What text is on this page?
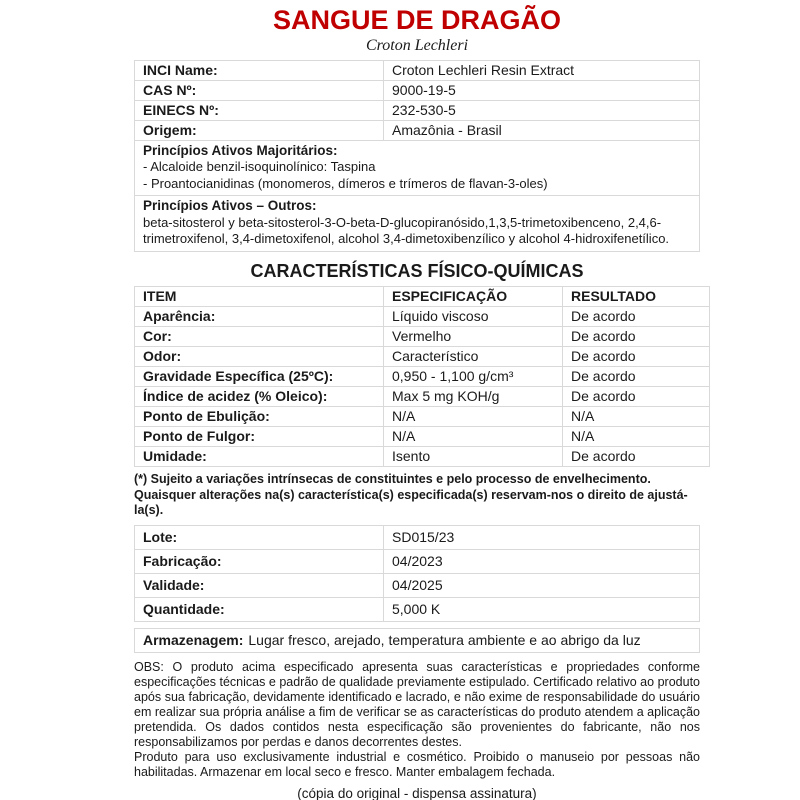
SANGUE DE DRAGÃO
Croton Lechleri
INCI Name:	Croton Lechleri Resin Extract
CAS Nº:	9000-19-5
EINECS Nº:	232-530-5
Origem:	Amazônia - Brasil

Princípios Ativos Majoritários:
- Alcaloide benzil-isoquinolínico: Taspina
- Proantocianidinas (monomeros, dímeros e trímeros de flavan-3-oles)	

Princípios Ativos – Outros:
beta-sitosterol y beta-sitosterol-3-O-beta-D-glucopiranósido,1,3,5-trimetoxibenceno, 2,4,6-trimetroxifenol, 3,4-dimetoxifenol, alcohol 3,4-dimetoxibenzílico y alcohol 4-hidroxifenetílico.	
CARACTERÍSTICAS FÍSICO-QUÍMICAS
ITEM	ESPECIFICAÇÃO	RESULTADO
Aparência:	Líquido viscoso	De acordo
Cor:	Vermelho	De acordo
Odor:	Característico	De acordo
Gravidade Específica (25ºC):	0,950 - 1,100 g/cm³	De acordo
Índice de acidez (% Oleico):	Max 5 mg KOH/g	De acordo
Ponto de Ebulição:	N/A	N/A
Ponto de Fulgor:	N/A	N/A
Umidade:	Isento	De acordo

(*) Sujeito a variações intrínsecas de constituintes e pelo processo de envelhecimento. Quaisquer alterações na(s) característica(s) especificada(s) reservam-nos o direito de ajustá-la(s).

Lote:	SD015/23
Fabricação:	04/2023
Validade:	04/2025
Quantidade:	5,000 K
Armazenagem: Lugar fresco, arejado, temperatura ambiente e ao abrigo da luz

OBS: O produto acima especificado apresenta suas características e propriedades conforme especificações técnicas e padrão de qualidade previamente estipulado. Certificado relativo ao produto após sua fabricação, devidamente identificado e lacrado, e não exime de responsabilidade do usuário em realizar sua própria análise a fim de verificar se as características do produto atendem a aplicação pretendida. Os dados contidos nesta especificação são provenientes do fabricante, não nos responsabilizamos por perdas e danos decorrentes destes.

Produto para uso exclusivamente industrial e cosmético. Proibido o manuseio por pessoas não habilitadas. Armazenar em local seco e fresco. Manter embalagem fechada.

(cópia do original - dispensa assinatura)
